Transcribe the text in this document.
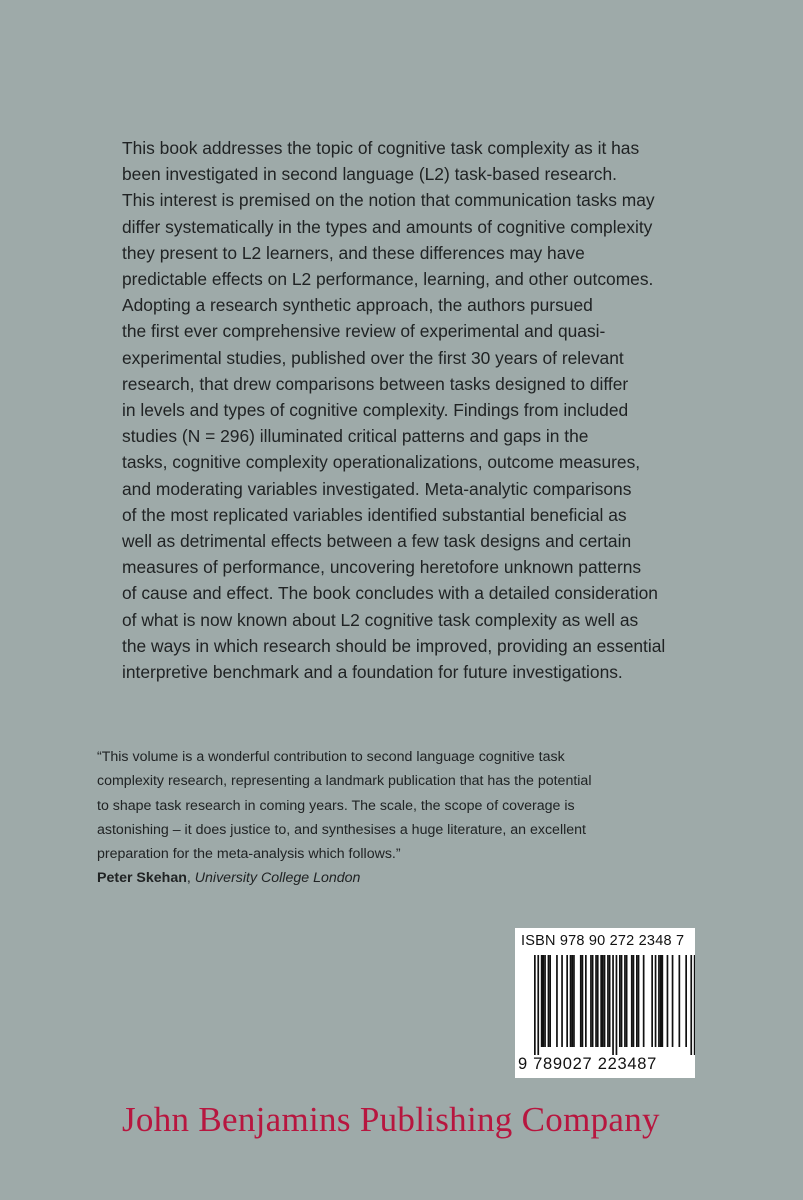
This book addresses the topic of cognitive task complexity as it has
been investigated in second language (L2) task-based research.
This interest is premised on the notion that communication tasks may
differ systematically in the types and amounts of cognitive complexity
they present to L2 learners, and these differences may have
predictable effects on L2 performance, learning, and other outcomes.
Adopting a research synthetic approach, the authors pursued
the first ever comprehensive review of experimental and quasi-
experimental studies, published over the first 30 years of relevant
research, that drew comparisons between tasks designed to differ
in levels and types of cognitive complexity. Findings from included
studies (N = 296) illuminated critical patterns and gaps in the
tasks, cognitive complexity operationalizations, outcome measures,
and moderating variables investigated. Meta-analytic comparisons
of the most replicated variables identified substantial beneficial as
well as detrimental effects between a few task designs and certain
measures of performance, uncovering heretofore unknown patterns
of cause and effect. The book concludes with a detailed consideration
of what is now known about L2 cognitive task complexity as well as
the ways in which research should be improved, providing an essential
interpretive benchmark and a foundation for future investigations.
“This volume is a wonderful contribution to second language cognitive task
complexity research, representing a landmark publication that has the potential
to shape task research in coming years. The scale, the scope of coverage is
astonishing – it does justice to, and synthesises a huge literature, an excellent
preparation for the meta-analysis which follows.”
Peter Skehan, University College London
ISBN 978 90 272 2348 7
9 789027 223487
John Benjamins Publishing Company
